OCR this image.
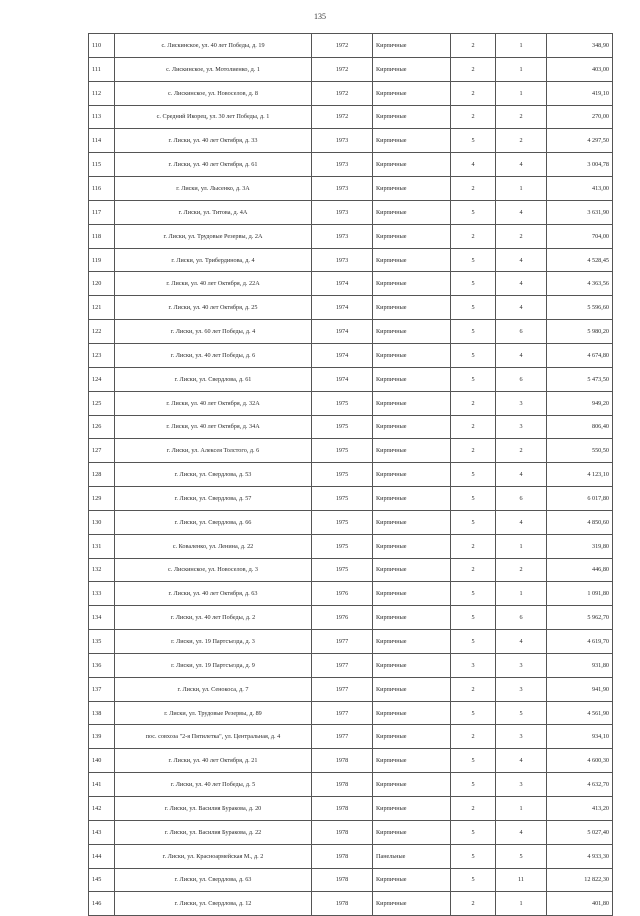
135
110	с. Лискинское, ул. 40 лет Победы, д. 19	1972	Кирпичные	2	1	348,90
111	с. Лискинское, ул. Мотолиенко, д. 1	1972	Кирпичные	2	1	403,00
112	с. Лискинское, ул. Новоселов, д. 8	1972	Кирпичные	2	1	419,10
113	с. Средний Икорец, ул. 30 лет Победы, д. 1	1972	Кирпичные	2	2	270,00
114	г. Лиски, ул. 40 лет Октября, д. 33	1973	Кирпичные	5	2	4 297,50
115	г. Лиски, ул. 40 лет Октября, д. 61	1973	Кирпичные	4	4	3 004,78
116	г. Лиски, ул. Лысенко, д. 3А	1973	Кирпичные	2	1	413,00
117	г. Лиски, ул. Титова, д. 4А	1973	Кирпичные	5	4	3 631,90
118	г. Лиски, ул. Трудовые Резервы, д. 2А	1973	Кирпичные	2	2	704,00
119	г. Лиски, ул. Трибердинова, д. 4	1973	Кирпичные	5	4	4 528,45
120	г. Лиски, ул. 40 лет Октября, д. 22А	1974	Кирпичные	5	4	4 363,56
121	г. Лиски, ул. 40 лет Октября, д. 25	1974	Кирпичные	5	4	5 596,60
122	г. Лиски, ул. 60 лет Победы, д. 4	1974	Кирпичные	5	6	5 980,20
123	г. Лиски, ул. 40 лет Победы, д. 6	1974	Кирпичные	5	4	4 674,80
124	г. Лиски, ул. Свердлова, д. 61	1974	Кирпичные	5	6	5 473,50
125	г. Лиски, ул. 40 лет Октября, д. 32А	1975	Кирпичные	2	3	949,20
126	г. Лиски, ул. 40 лет Октября, д. 34А	1975	Кирпичные	2	3	806,40
127	г. Лиски, ул. Алексея Толстого, д. 6	1975	Кирпичные	2	2	550,50
128	г. Лиски, ул. Свердлова, д. 53	1975	Кирпичные	5	4	4 123,10
129	г. Лиски, ул. Свердлова, д. 57	1975	Кирпичные	5	6	6 017,80
130	г. Лиски, ул. Свердлова, д. 66	1975	Кирпичные	5	4	4 850,60
131	с. Коваленко, ул. Ленина, д. 22	1975	Кирпичные	2	1	319,80
132	с. Лискинское, ул. Новоселов, д. 3	1975	Кирпичные	2	2	446,80
133	г. Лиски, ул. 40 лет Октября, д. 63	1976	Кирпичные	5	1	1 091,80
134	г. Лиски, ул. 40 лет Победы, д. 2	1976	Кирпичные	5	6	5 962,70
135	г. Лиски, ул. 19 Партсъезда, д. 3	1977	Кирпичные	5	4	4 619,70
136	г. Лиски, ул. 19 Партсъезда, д. 9	1977	Кирпичные	3	3	931,80
137	г. Лиски, ул. Сенокоса, д. 7	1977	Кирпичные	2	3	941,90
138	г. Лиски, ул. Трудовые Резервы, д. 89	1977	Кирпичные	5	5	4 561,90
139	пос. совхоза "2-я Пятилетка", ул. Центральная, д. 4	1977	Кирпичные	2	3	934,10
140	г. Лиски, ул. 40 лет Октября, д. 21	1978	Кирпичные	5	4	4 600,30
141	г. Лиски, ул. 40 лет Победы, д. 5	1978	Кирпичные	5	3	4 632,70
142	г. Лиски, ул. Василия Буракова, д. 20	1978	Кирпичные	2	1	413,20
143	г. Лиски, ул. Василия Буракова, д. 22	1978	Кирпичные	5	4	5 027,40
144	г. Лиски, ул. Красноармейская М., д. 2	1978	Панельные	5	5	4 933,30
145	г. Лиски, ул. Свердлова, д. 63	1978	Кирпичные	5	11	12 822,30
146	г. Лиски, ул. Свердлова, д. 12	1978	Кирпичные	2	1	401,80
